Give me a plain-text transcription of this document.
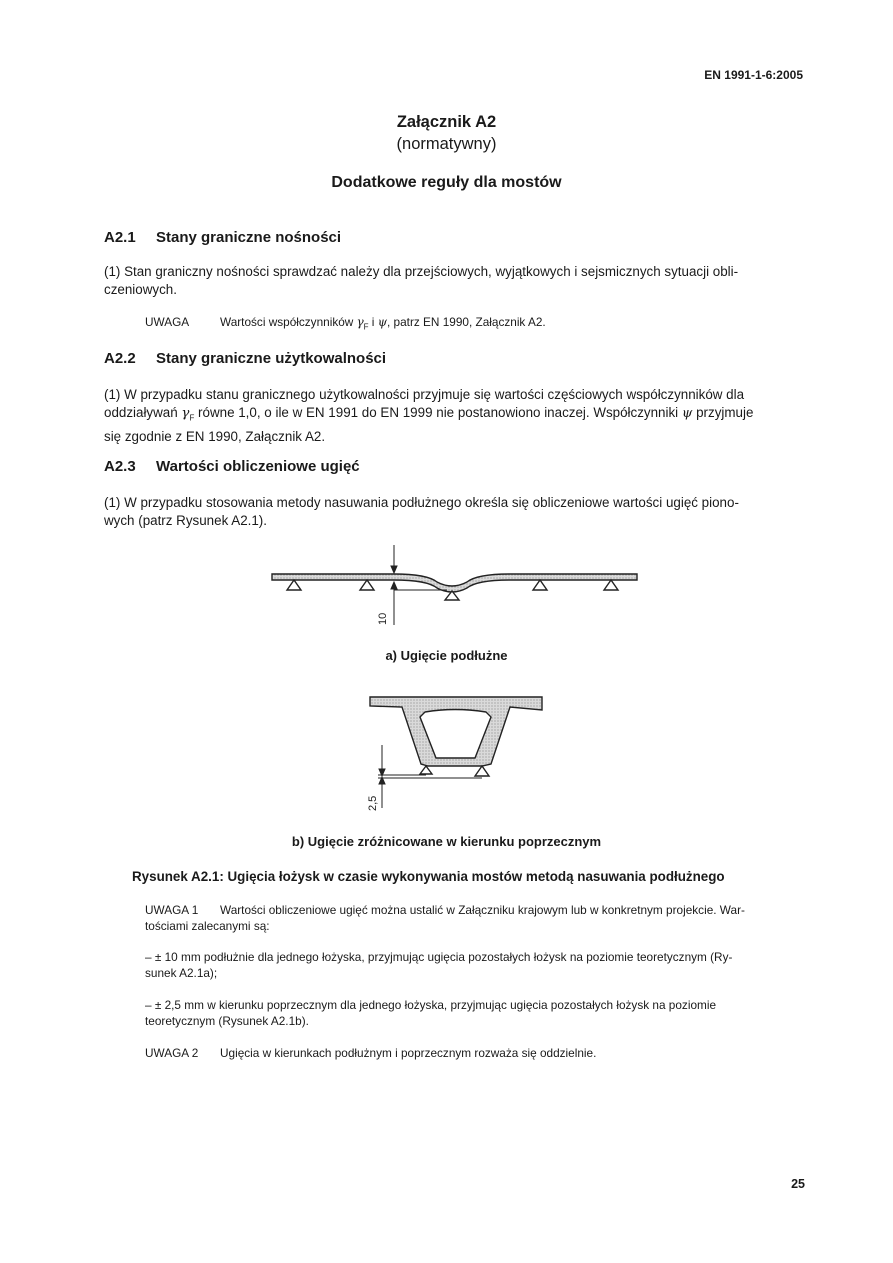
EN 1991-1-6:2005
Załącznik A2
(normatywny)
Dodatkowe reguły dla mostów
A2.1 Stany graniczne nośności
(1) Stan graniczny nośności sprawdzać należy dla przejściowych, wyjątkowych i sejsmicznych sytuacji obli-
czeniowych.
UWAGA	Wartości współczynników $\gamma_F$ i ψ, patrz EN 1990, Załącznik A2.
A2.2 Stany graniczne użytkowalności
(1) W przypadku stanu granicznego użytkowalności przyjmuje się wartości częściowych współczynników dla
oddziaływań $\gamma_F$ równe 1,0, o ile w EN 1991 do EN 1999 nie postanowiono inaczej. Współczynniki ψ przyjmuje
się zgodnie z EN 1990, Załącznik A2.
A2.3 Wartości obliczeniowe ugięć
(1) W przypadku stosowania metody nasuwania podłużnego określa się obliczeniowe wartości ugięć piono-
wych (patrz Rysunek A2.1).
10
a) Ugięcie podłużne
2,5
b) Ugięcie zróżnicowane w kierunku poprzecznym
Rysunek A2.1: Ugięcia łożysk w czasie wykonywania mostów metodą nasuwania podłużnego
UWAGA 1 Wartości obliczeniowe ugięć można ustalić w Załączniku krajowym lub w konkretnym projekcie. War-
tościami zalecanymi są:
– ± 10 mm podłużnie dla jednego łożyska, przyjmując ugięcia pozostałych łożysk na poziomie teoretycznym (Ry-
sunek A2.1a);
– ± 2,5 mm w kierunku poprzecznym dla jednego łożyska, przyjmując ugięcia pozostałych łożysk na poziomie
teoretycznym (Rysunek A2.1b).
UWAGA 2 Ugięcia w kierunkach podłużnym i poprzecznym rozważa się oddzielnie.
25
